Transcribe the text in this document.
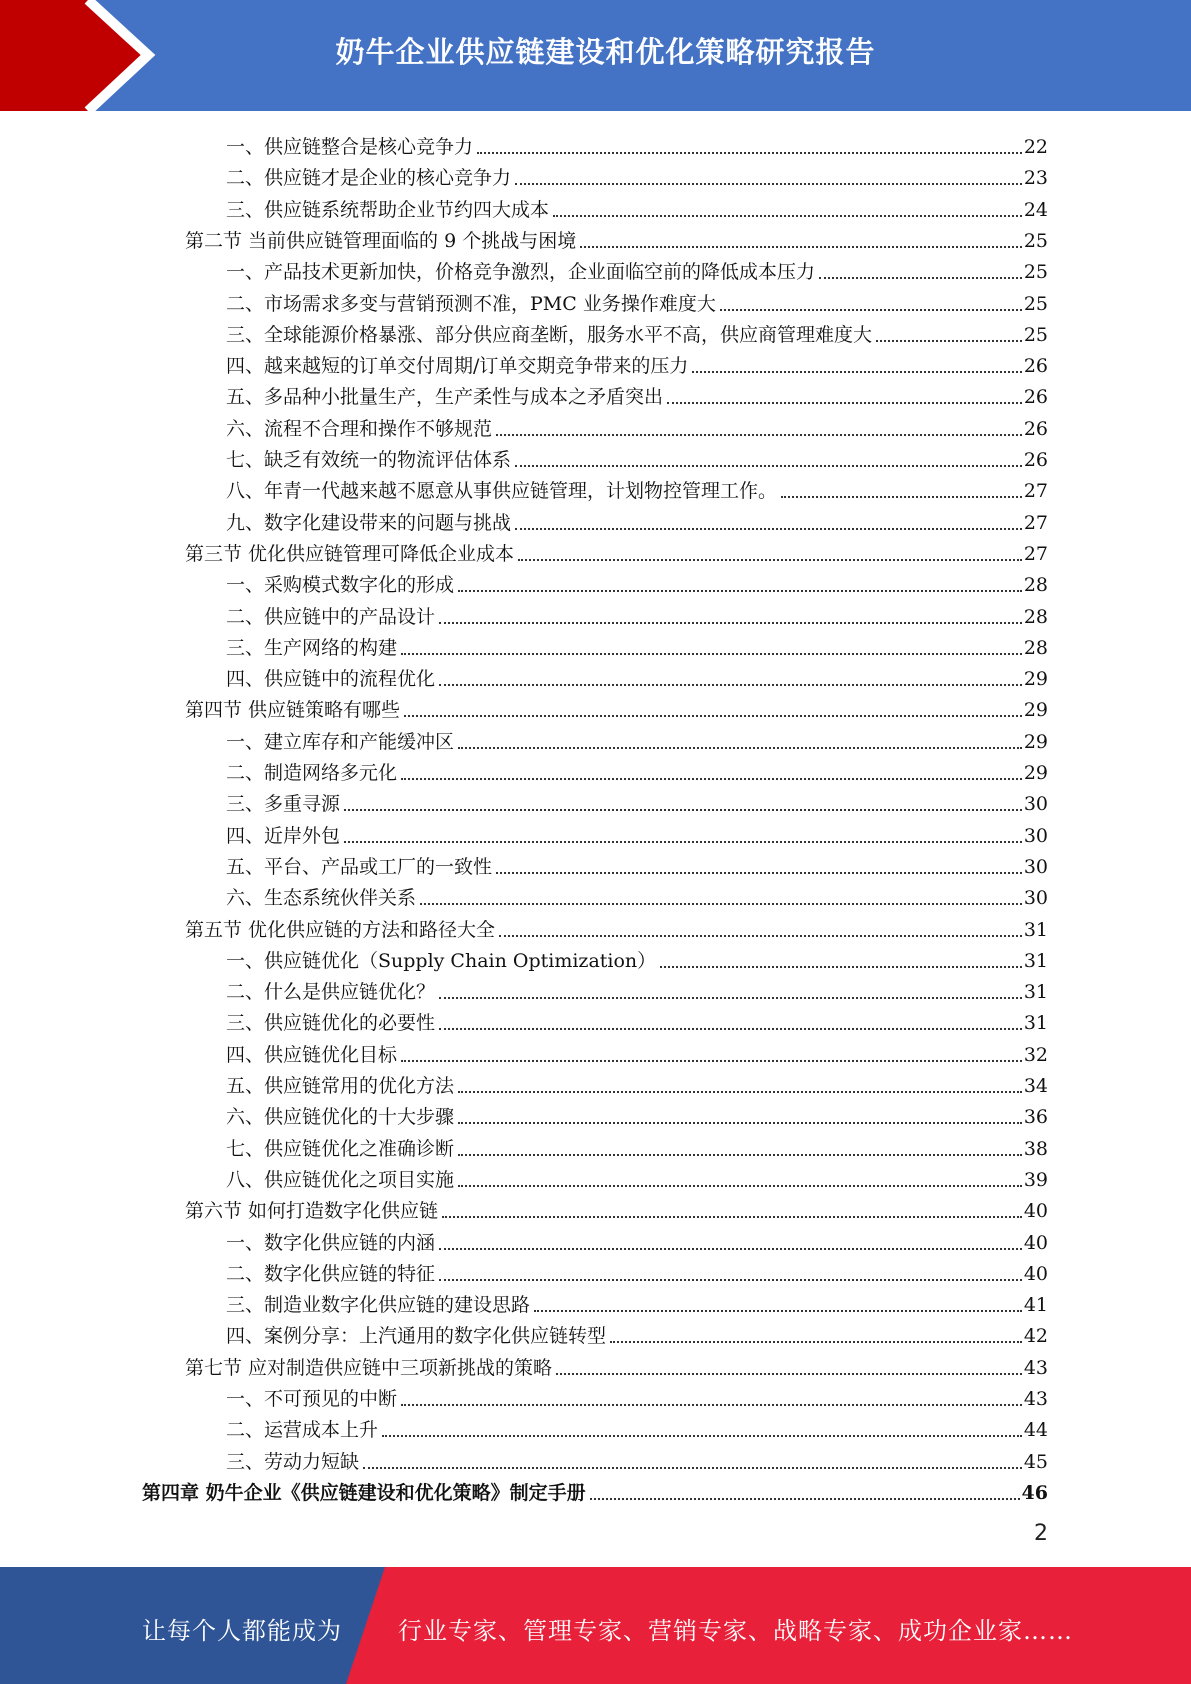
奶牛企业供应链建设和优化策略研究报告
一、供应链整合是核心竞争力	22
二、供应链才是企业的核心竞争力	23
三、供应链系统帮助企业节约四大成本	24
第二节 当前供应链管理面临的 9 个挑战与困境	25
一、产品技术更新加快，价格竞争激烈，企业面临空前的降低成本压力	25
二、市场需求多变与营销预测不准，PMC 业务操作难度大	25
三、全球能源价格暴涨、部分供应商垄断，服务水平不高，供应商管理难度大	25
四、越来越短的订单交付周期/订单交期竞争带来的压力	26
五、多品种小批量生产，生产柔性与成本之矛盾突出	26
六、流程不合理和操作不够规范	26
七、缺乏有效统一的物流评估体系	26
八、年青一代越来越不愿意从事供应链管理，计划物控管理工作。	27
九、数字化建设带来的问题与挑战	27
第三节 优化供应链管理可降低企业成本	27
一、采购模式数字化的形成	28
二、供应链中的产品设计	28
三、生产网络的构建	28
四、供应链中的流程优化	29
第四节 供应链策略有哪些	29
一、建立库存和产能缓冲区	29
二、制造网络多元化	29
三、多重寻源	30
四、近岸外包	30
五、平台、产品或工厂的一致性	30
六、生态系统伙伴关系	30
第五节 优化供应链的方法和路径大全	31
一、供应链优化（Supply Chain Optimization）	31
二、什么是供应链优化？	31
三、供应链优化的必要性	31
四、供应链优化目标	32
五、供应链常用的优化方法	34
六、供应链优化的十大步骤	36
七、供应链优化之准确诊断	38
八、供应链优化之项目实施	39
第六节 如何打造数字化供应链	40
一、数字化供应链的内涵	40
二、数字化供应链的特征	40
三、制造业数字化供应链的建设思路	41
四、案例分享：上汽通用的数字化供应链转型	42
第七节 应对制造供应链中三项新挑战的策略	43
一、不可预见的中断	43
二、运营成本上升	44
三、劳动力短缺	45
第四章 奶牛企业《供应链建设和优化策略》制定手册	46
2
让每个人都能成为 行业专家、管理专家、营销专家、战略专家、成功企业家……
